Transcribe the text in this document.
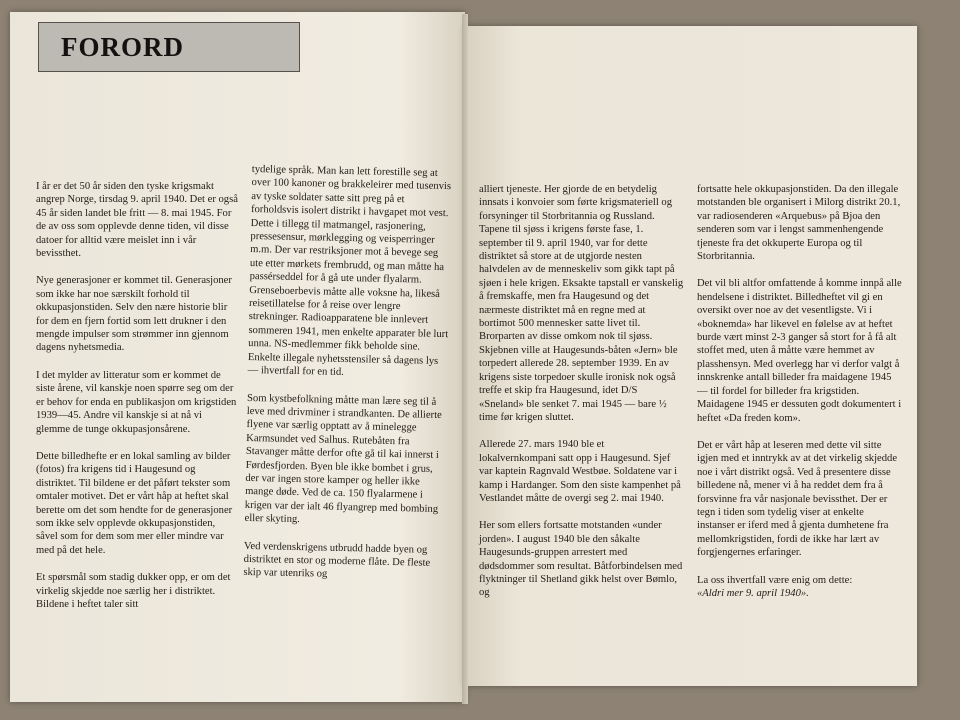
FORORD

I år er det 50 år siden den tyske krigsmakt angrep Norge, tirsdag 9. april 1940. Det er også 45 år siden landet ble fritt — 8. mai 1945. For de av oss som opplevde denne tiden, vil disse datoer for alltid være meislet inn i vår bevissthet.

Nye generasjoner er kommet til. Generasjoner som ikke har noe særskilt forhold til okkupasjonstiden. Selv den nære historie blir for dem en fjern fortid som lett drukner i den mengde impulser som strømmer inn gjennom dagens nyhetsmedia.

I det mylder av litteratur som er kommet de siste årene, vil kanskje noen spørre seg om der er behov for enda en publikasjon om krigstiden 1939—45. Andre vil kanskje si at nå vi glemme de tunge okkupasjonsårene.

Dette billedhefte er en lokal samling av bilder (fotos) fra krigens tid i Haugesund og distriktet. Til bildene er det påført tekster som omtaler motivet. Det er vårt håp at heftet skal berette om det som hendte for de generasjoner som ikke selv opplevde okkupasjonstiden, såvel som for dem som mer eller mindre var med på det hele.

Et spørsmål som stadig dukker opp, er om det virkelig skjedde noe særlig her i distriktet. Bildene i heftet taler sitt

tydelige språk. Man kan lett forestille seg at over 100 kanoner og brakkeleirer med tusenvis av tyske soldater satte sitt preg på et forholdsvis isolert distrikt i havgapet mot vest. Dette i tillegg til matmangel, rasjonering, pressesensur, mørklegging og veisperringer m.m. Der var restriksjoner mot å bevege seg ute etter mørkets frembrudd, og man måtte ha passérseddel for å gå ute under flyalarm. Grenseboerbevis måtte alle voksne ha, likeså reisetillatelse for å reise over lengre strekninger. Radioapparatene ble innlevert sommeren 1941, men enkelte apparater ble lurt unna. NS-medlemmer fikk beholde sine. Enkelte illegale nyhetsstensiler så dagens lys — ihvertfall for en tid.

Som kystbefolkning måtte man lære seg til å leve med drivminer i strandkanten. De allierte flyene var særlig opptatt av å minelegge Karmsundet ved Salhus. Rutebåten fra Stavanger måtte derfor ofte gå til kai innerst i Førdesfjorden. Byen ble ikke bombet i grus, der var ingen store kamper og heller ikke mange døde. Ved de ca. 150 flyalarmene i krigen var der ialt 46 flyangrep med bombing eller skyting.

Ved verdenskrigens utbrudd hadde byen og distriktet en stor og moderne flåte. De fleste skip var utenriks og

alliert tjeneste. Her gjorde de en betydelig innsats i konvoier som førte krigsmateriell og forsyninger til Storbritannia og Russland. Tapene til sjøss i krigens første fase, 1. september til 9. april 1940, var for dette distriktet så store at de utgjorde nesten halvdelen av de menneskeliv som gikk tapt på sjøen i hele krigen. Eksakte tapstall er vanskelig å fremskaffe, men fra Haugesund og det nærmeste distriktet må en regne med at bortimot 500 mennesker satte livet til. Brorparten av disse omkom nok til sjøss. Skjebnen ville at Haugesunds-båten «Jern» ble torpedert allerede 28. september 1939. En av krigens siste torpedoer skulle ironisk nok også treffe et skip fra Haugesund, idet D/S «Sneland» ble senket 7. mai 1945 — bare ½ time før krigen sluttet.

Allerede 27. mars 1940 ble et lokalvernkompani satt opp i Haugesund. Sjef var kaptein Ragnvald Westbøe. Soldatene var i kamp i Hardanger. Som den siste kampenhet på Vestlandet måtte de overgi seg 2. mai 1940.

Her som ellers fortsatte motstanden «under jorden». I august 1940 ble den såkalte Haugesunds-gruppen arrestert med dødsdommer som resultat. Båtforbindelsen med flyktninger til Shetland gikk helst over Bømlo, og

fortsatte hele okkupasjonstiden. Da den illegale motstanden ble organisert i Milorg distrikt 20.1, var radiosenderen «Arquebus» på Bjoa den senderen som var i lengst sammenhengende tjeneste fra det okkuperte Europa og til Storbritannia.

Det vil bli altfor omfattende å komme innpå alle hendelsene i distriktet. Billedheftet vil gi en oversikt over noe av det vesentligste. Vi i «boknemda» har likevel en følelse av at heftet burde vært minst 2-3 ganger så stort for å få alt stoffet med, uten å måtte være hemmet av plasshensyn. Med overlegg har vi derfor valgt å innskrenke antall billeder fra maidagene 1945 — til fordel for billeder fra krigstiden. Maidagene 1945 er dessuten godt dokumentert i heftet «Da freden kom».

Det er vårt håp at leseren med dette vil sitte igjen med et inntrykk av at det virkelig skjedde noe i vårt distrikt også. Ved å presentere disse billedene nå, mener vi å ha reddet dem fra å forsvinne fra vår nasjonale bevissthet. Der er tegn i tiden som tydelig viser at enkelte instanser er iferd med å gjenta dumhetene fra mellomkrigstiden, fordi de ikke har lært av forgjengernes erfaringer.

La oss ihvertfall være enig om dette:

«Aldri mer 9. april 1940».
